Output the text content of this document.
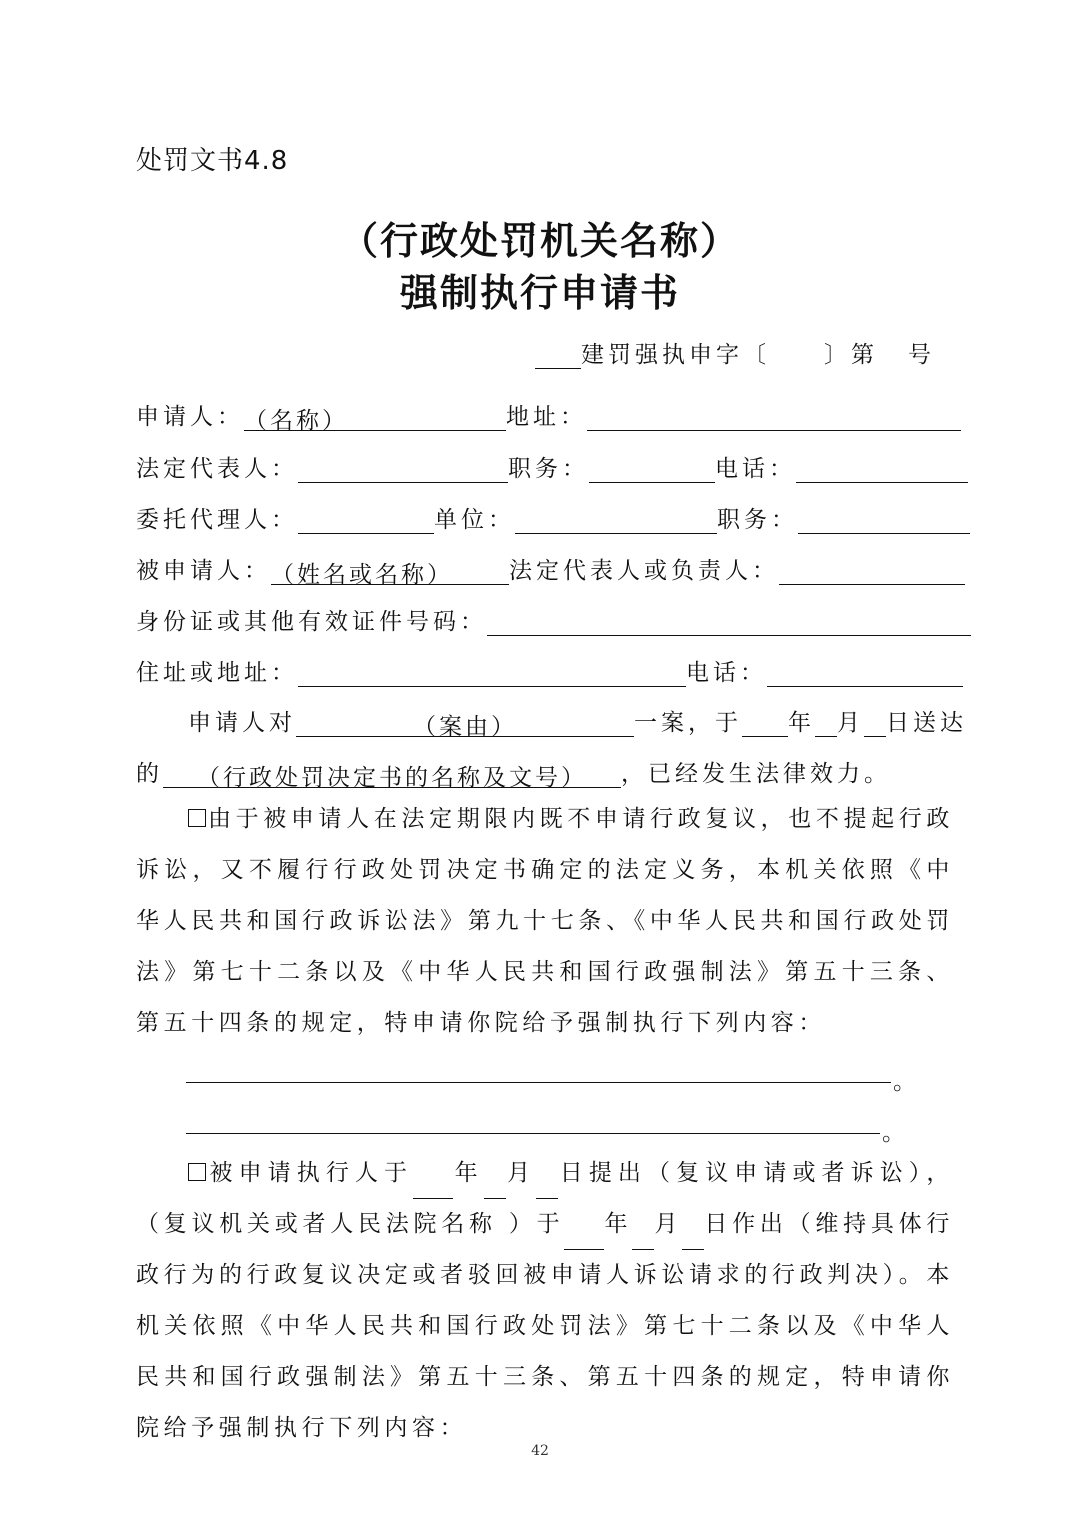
处罚文书4.8
（行政处罚机关名称）
强制执行申请书
建罚强执申字〔 〕第 号
申请人：（名称）	地址：
法定代表人：	职务：	电话：
委托代理人：	单位：	职务：
被申请人：（姓名或名称） 法定代表人或负责人：
身份证或其他有效证件号码：
住址或地址：	电话：
申请人对	（案由）	一案，于 年 月 日送达
的 （行政处罚决定书的名称及文号） ，已经发生法律效力。
由于被申请人在法定期限内既不申请行政复议，也不提起行政诉讼，又不履行行政处罚决定书确定的法定义务，本机关依照《中华人民共和国行政诉讼法》第九十七条、《中华人民共和国行政处罚法》第七十二条以及《中华人民共和国行政强制法》第五十三条、第五十四条的规定，特申请你院给予强制执行下列内容：
。
。
被申请执行人于 年 月 日提出（复议申请或者诉讼），（复议机关或者人民法院名称 ）于 年 月 日作出（维持具体行政行为的行政复议决定或者驳回被申请人诉讼请求的行政判决）。本机关依照《中华人民共和国行政处罚法》第七十二条以及《中华人民共和国行政强制法》第五十三条、第五十四条的规定，特申请你院给予强制执行下列内容：
42
